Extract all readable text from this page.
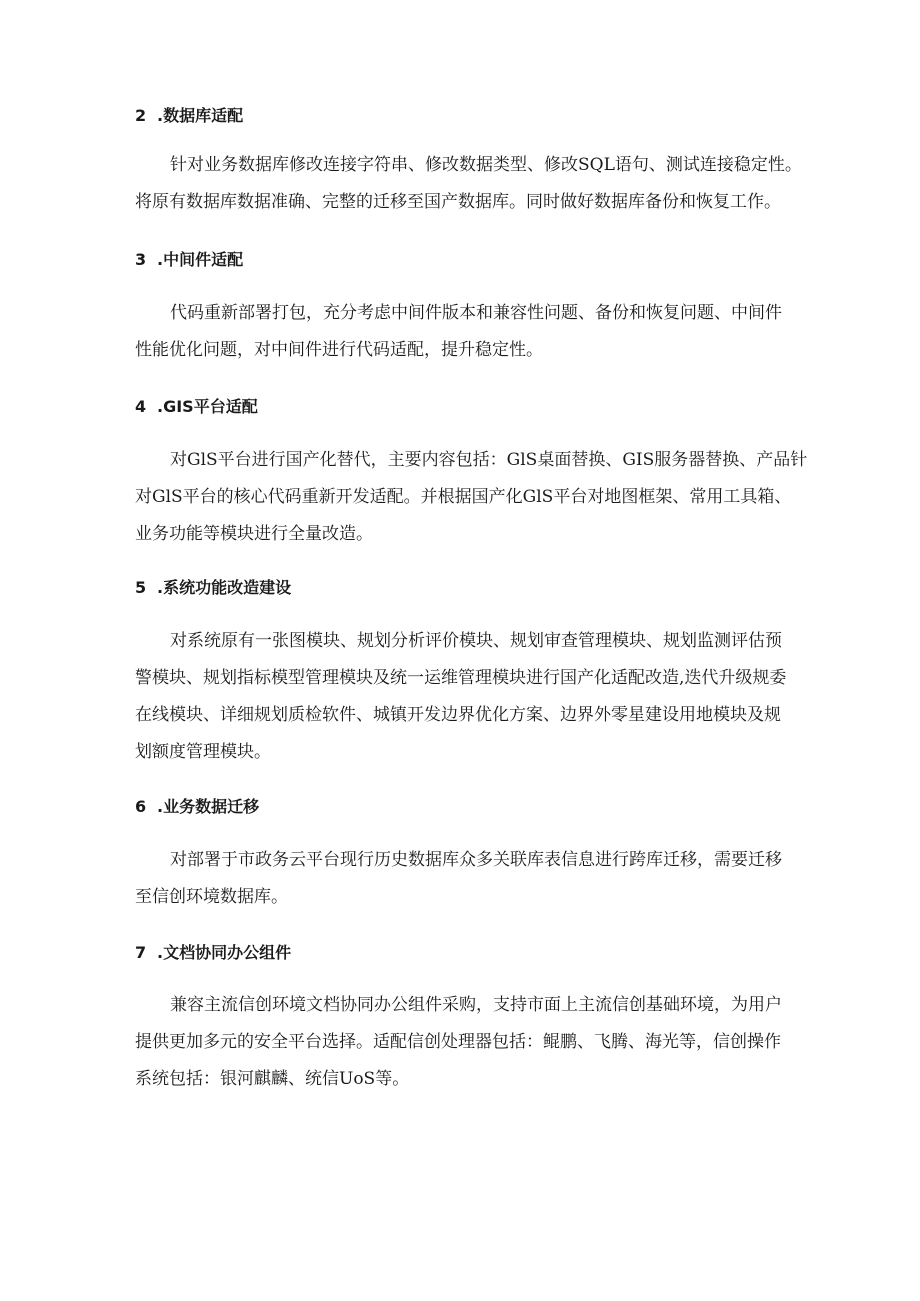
2 .数据库适配
针对业务数据库修改连接字符串、修改数据类型、修改SQL语句、测试连接稳定性。
将原有数据库数据准确、完整的迁移至国产数据库。同时做好数据库备份和恢复工作。
3 .中间件适配
代码重新部署打包，充分考虑中间件版本和兼容性问题、备份和恢复问题、中间件
性能优化问题，对中间件进行代码适配，提升稳定性。
4 .GIS平台适配
对GlS平台进行国产化替代，主要内容包括：GlS桌面替换、GIS服务器替换、产品针
对GlS平台的核心代码重新开发适配。并根据国产化GlS平台对地图框架、常用工具箱、
业务功能等模块进行全量改造。
5 .系统功能改造建设
对系统原有一张图模块、规划分析评价模块、规划审查管理模块、规划监测评估预
警模块、规划指标模型管理模块及统一运维管理模块进行国产化适配改造,迭代升级规委
在线模块、详细规划质检软件、城镇开发边界优化方案、边界外零星建设用地模块及规
划额度管理模块。
6 .业务数据迁移
对部署于市政务云平台现行历史数据库众多关联库表信息进行跨库迁移，需要迁移
至信创环境数据库。
7 .文档协同办公组件
兼容主流信创环境文档协同办公组件采购，支持市面上主流信创基础环境，为用户
提供更加多元的安全平台选择。适配信创处理器包括：鲲鹏、飞腾、海光等，信创操作
系统包括：银河麒麟、统信UoS等。
